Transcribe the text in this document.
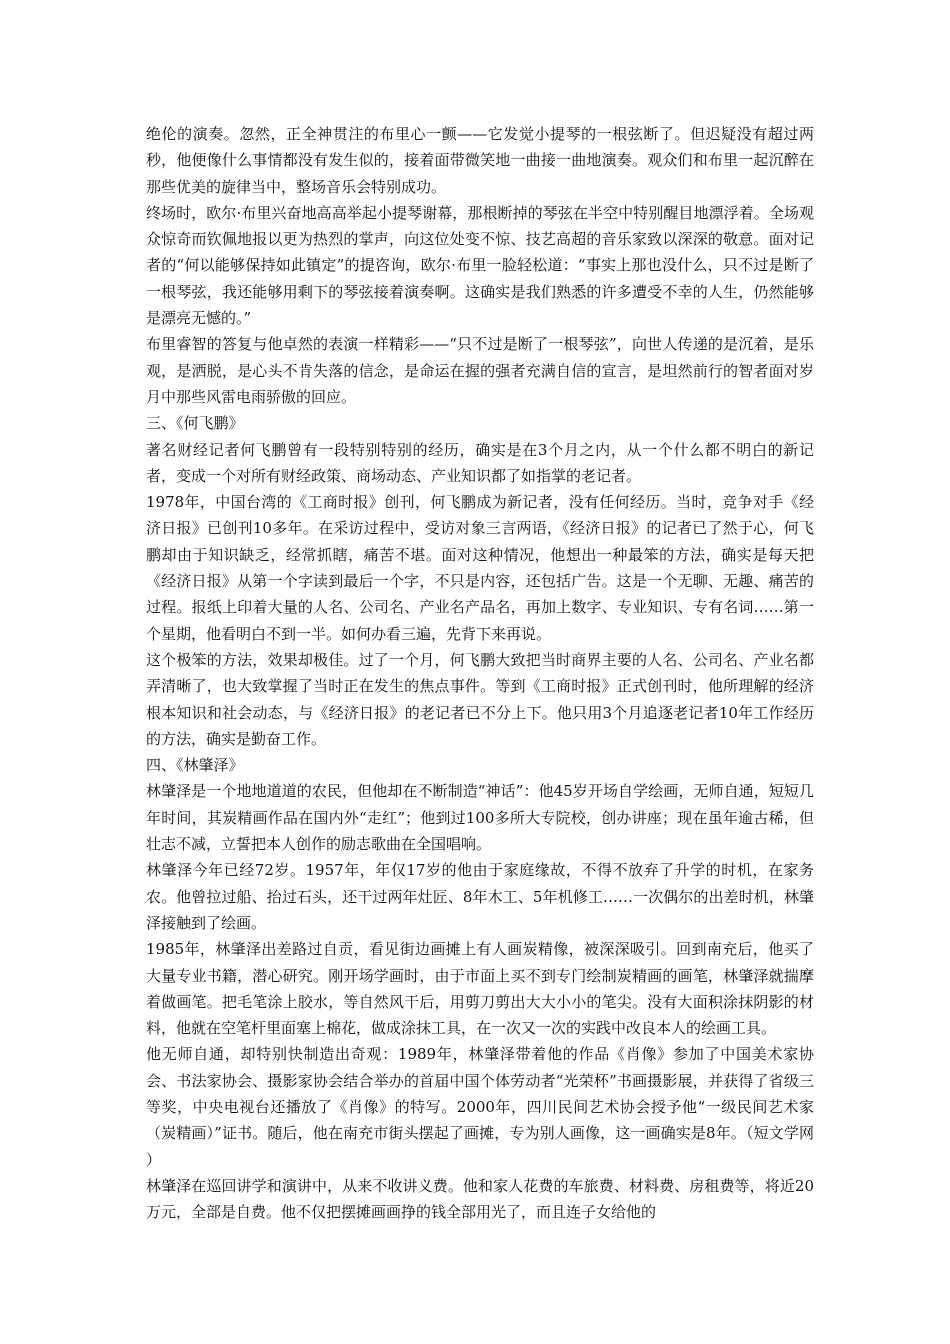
绝伦的演奏。忽然，正全神贯注的布里心一颤——它发觉小提琴的一根弦断了。但迟疑没有超过两秒，他便像什么事情都没有发生似的，接着面带微笑地一曲接一曲地演奏。观众们和布里一起沉醉在那些优美的旋律当中，整场音乐会特别成功。

终场时，欧尔·布里兴奋地高高举起小提琴谢幕，那根断掉的琴弦在半空中特别醒目地漂浮着。全场观众惊奇而钦佩地报以更为热烈的掌声，向这位处变不惊、技艺高超的音乐家致以深深的敬意。面对记者的“何以能够保持如此镇定”的提咨询，欧尔·布里一脸轻松道：“事实上那也没什么，只不过是断了一根琴弦，我还能够用剩下的琴弦接着演奏啊。这确实是我们熟悉的许多遭受不幸的人生，仍然能够是漂亮无憾的。”

布里睿智的答复与他卓然的表演一样精彩——“只不过是断了一根琴弦”，向世人传递的是沉着，是乐观，是洒脱，是心头不肯失落的信念，是命运在握的强者充满自信的宣言，是坦然前行的智者面对岁月中那些风雷电雨骄傲的回应。

三、《何飞鹏》

著名财经记者何飞鹏曾有一段特别特别的经历，确实是在3个月之内，从一个什么都不明白的新记者，变成一个对所有财经政策、商场动态、产业知识都了如指掌的老记者。

1978年，中国台湾的《工商时报》创刊，何飞鹏成为新记者，没有任何经历。当时，竞争对手《经济日报》已创刊10多年。在采访过程中，受访对象三言两语，《经济日报》的记者已了然于心，何飞鹏却由于知识缺乏，经常抓瞎，痛苦不堪。面对这种情况，他想出一种最笨的方法，确实是每天把《经济日报》从第一个字读到最后一个字，不只是内容，还包括广告。这是一个无聊、无趣、痛苦的过程。报纸上印着大量的人名、公司名、产业名产品名，再加上数字、专业知识、专有名词……第一个星期，他看明白不到一半。如何办看三遍，先背下来再说。

这个极笨的方法，效果却极佳。过了一个月，何飞鹏大致把当时商界主要的人名、公司名、产业名都弄清晰了，也大致掌握了当时正在发生的焦点事件。等到《工商时报》正式创刊时，他所理解的经济根本知识和社会动态，与《经济日报》的老记者已不分上下。他只用3个月追逐老记者10年工作经历的方法，确实是勤奋工作。

四、《林肇泽》

林肇泽是一个地地道道的农民，但他却在不断制造“神话”：他45岁开场自学绘画，无师自通，短短几年时间，其炭精画作品在国内外“走红”；他到过100多所大专院校，创办讲座；现在虽年逾古稀，但壮志不减，立誓把本人创作的励志歌曲在全国唱响。

林肇泽今年已经72岁。1957年，年仅17岁的他由于家庭缘故，不得不放弃了升学的时机，在家务农。他曾拉过船、抬过石头，还干过两年灶匠、8年木工、5年机修工……一次偶尔的出差时机，林肇泽接触到了绘画。

1985年，林肇泽出差路过自贡，看见街边画摊上有人画炭精像，被深深吸引。回到南充后，他买了大量专业书籍，潜心研究。刚开场学画时，由于市面上买不到专门绘制炭精画的画笔，林肇泽就揣摩着做画笔。把毛笔涂上胶水，等自然风干后，用剪刀剪出大大小小的笔尖。没有大面积涂抹阴影的材料，他就在空笔杆里面塞上棉花，做成涂抹工具，在一次又一次的实践中改良本人的绘画工具。

他无师自通，却特别快制造出奇观：1989年，林肇泽带着他的作品《肖像》参加了中国美术家协会、书法家协会、摄影家协会结合举办的首届中国个体劳动者“光荣杯”书画摄影展，并获得了省级三等奖，中央电视台还播放了《肖像》的特写。2000年，四川民间艺术协会授予他“一级民间艺术家（炭精画）”证书。随后，他在南充市街头摆起了画摊，专为别人画像，这一画确实是8年。（短文学网 ）

林肇泽在巡回讲学和演讲中，从来不收讲义费。他和家人花费的车旅费、材料费、房租费等，将近20万元，全部是自费。他不仅把摆摊画画挣的钱全部用光了，而且连子女给他的
